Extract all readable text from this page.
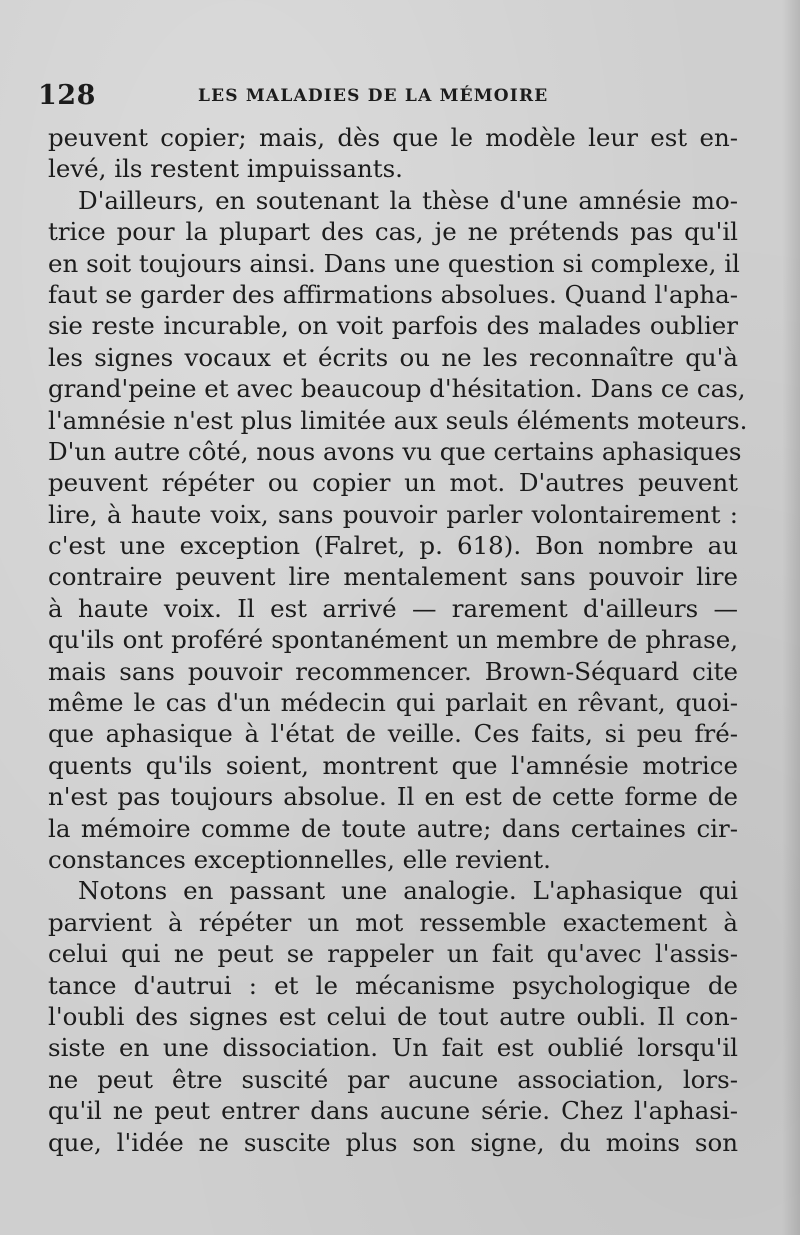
128	LES MALADIES DE LA MÉMOIRE
peuvent copier; mais, dès que le modèle leur est en-
levé, ils restent impuissants.
D'ailleurs, en soutenant la thèse d'une amnésie mo-
trice pour la plupart des cas, je ne prétends pas qu'il
en soit toujours ainsi. Dans une question si complexe, il
faut se garder des affirmations absolues. Quand l'apha-
sie reste incurable, on voit parfois des malades oublier
les signes vocaux et écrits ou ne les reconnaître qu'à
grand'peine et avec beaucoup d'hésitation. Dans ce cas,
l'amnésie n'est plus limitée aux seuls éléments moteurs.
D'un autre côté, nous avons vu que certains aphasiques
peuvent répéter ou copier un mot. D'autres peuvent
lire, à haute voix, sans pouvoir parler volontairement :
c'est une exception (Falret, p. 618). Bon nombre au
contraire peuvent lire mentalement sans pouvoir lire
à haute voix. Il est arrivé — rarement d'ailleurs —
qu'ils ont proféré spontanément un membre de phrase,
mais sans pouvoir recommencer. Brown-Séquard cite
même le cas d'un médecin qui parlait en rêvant, quoi-
que aphasique à l'état de veille. Ces faits, si peu fré-
quents qu'ils soient, montrent que l'amnésie motrice
n'est pas toujours absolue. Il en est de cette forme de
la mémoire comme de toute autre; dans certaines cir-
constances exceptionnelles, elle revient.
Notons en passant une analogie. L'aphasique qui
parvient à répéter un mot ressemble exactement à
celui qui ne peut se rappeler un fait qu'avec l'assis-
tance d'autrui : et le mécanisme psychologique de
l'oubli des signes est celui de tout autre oubli. Il con-
siste en une dissociation. Un fait est oublié lorsqu'il
ne peut être suscité par aucune association, lors-
qu'il ne peut entrer dans aucune série. Chez l'aphasi-
que, l'idée ne suscite plus son signe, du moins son
